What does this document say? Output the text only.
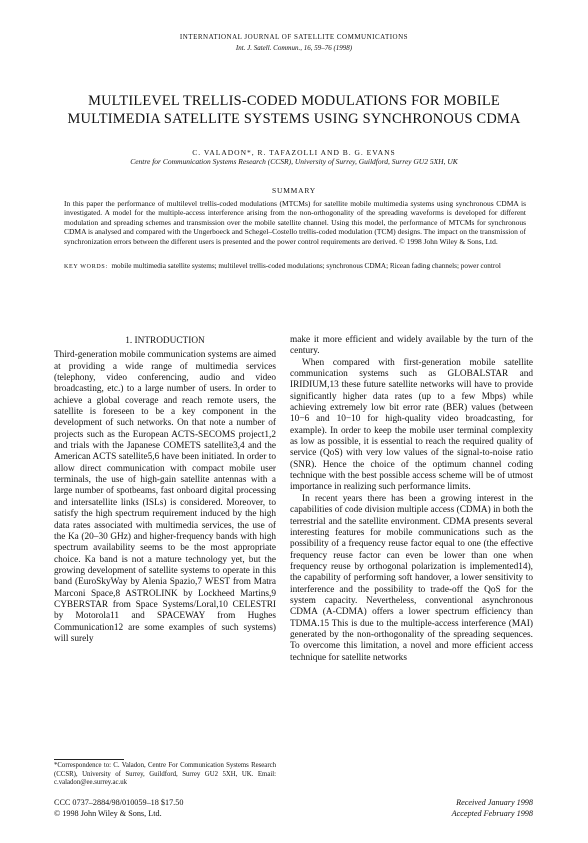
INTERNATIONAL JOURNAL OF SATELLITE COMMUNICATIONS
Int. J. Satell. Commun., 16, 59–76 (1998)
MULTILEVEL TRELLIS-CODED MODULATIONS FOR MOBILE MULTIMEDIA SATELLITE SYSTEMS USING SYNCHRONOUS CDMA
C. VALADON*, R. TAFAZOLLI AND B. G. EVANS
Centre for Communication Systems Research (CCSR), University of Surrey, Guildford, Surrey GU2 5XH, UK
SUMMARY
In this paper the performance of multilevel trellis-coded modulations (MTCMs) for satellite mobile multimedia systems using synchronous CDMA is investigated. A model for the multiple-access interference arising from the non-orthogonality of the spreading waveforms is developed for different modulation and spreading schemes and transmission over the mobile satellite channel. Using this model, the performance of MTCMs for synchronous CDMA is analysed and compared with the Ungerboeck and Schegel–Costello trellis-coded modulation (TCM) designs. The impact on the transmission of synchronization errors between the different users is presented and the power control requirements are derived. © 1998 John Wiley & Sons, Ltd.
KEY WORDS: mobile multimedia satellite systems; multilevel trellis-coded modulations; synchronous CDMA; Ricean fading channels; power control

1. INTRODUCTION

Third-generation mobile communication systems are aimed at providing a wide range of multimedia services (telephony, video conferencing, audio and video broadcasting, etc.) to a large number of users. In order to achieve a global coverage and reach remote users, the satellite is foreseen to be a key component in the development of such networks. On that note a number of projects such as the European ACTS-SECOMS project1,2 and trials with the Japanese COMETS satellite3,4 and the American ACTS satellite5,6 have been initiated. In order to allow direct communication with compact mobile user terminals, the use of high-gain satellite antennas with a large number of spotbeams, fast onboard digital processing and intersatellite links (ISLs) is considered. Moreover, to satisfy the high spectrum requirement induced by the high data rates associated with multimedia services, the use of the Ka (20–30 GHz) and higher-frequency bands with high spectrum availability seems to be the most appropriate choice. Ka band is not a mature technology yet, but the growing development of satellite systems to operate in this band (EuroSkyWay by Alenia Spazio,7 WEST from Matra Marconi Space,8 ASTROLINK by Lockheed Martins,9 CYBERSTAR from Space Systems/Loral,10 CELESTRI by Motorola11 and SPACEWAY from Hughes Communication12 are some examples of such systems) will surely

make it more efficient and widely available by the turn of the century.

When compared with first-generation mobile satellite communication systems such as GLOBALSTAR and IRIDIUM,13 these future satellite networks will have to provide significantly higher data rates (up to a few Mbps) while achieving extremely low bit error rate (BER) values (between 10−6 and 10−10 for high-quality video broadcasting, for example). In order to keep the mobile user terminal complexity as low as possible, it is essential to reach the required quality of service (QoS) with very low values of the signal-to-noise ratio (SNR). Hence the choice of the optimum channel coding technique with the best possible access scheme will be of utmost importance in realizing such performance limits.

In recent years there has been a growing interest in the capabilities of code division multiple access (CDMA) in both the terrestrial and the satellite environment. CDMA presents several interesting features for mobile communications such as the possibility of a frequency reuse factor equal to one (the effective frequency reuse factor can even be lower than one when frequency reuse by orthogonal polarization is implemented14), the capability of performing soft handover, a lower sensitivity to interference and the possibility to trade-off the QoS for the system capacity. Nevertheless, conventional asynchronous CDMA (A-CDMA) offers a lower spectrum efficiency than TDMA.15 This is due to the multiple-access interference (MAI) generated by the non-orthogonality of the spreading sequences. To overcome this limitation, a novel and more efficient access technique for satellite networks

*Correspondence to: C. Valadon, Centre For Communication Systems Research (CCSR), University of Surrey, Guildford, Surrey GU2 5XH, UK. Email: c.valadon@ee.surrey.ac.uk
CCC 0737–2884/98/010059–18 $17.50
© 1998 John Wiley & Sons, Ltd.
Received January 1998
Accepted February 1998
